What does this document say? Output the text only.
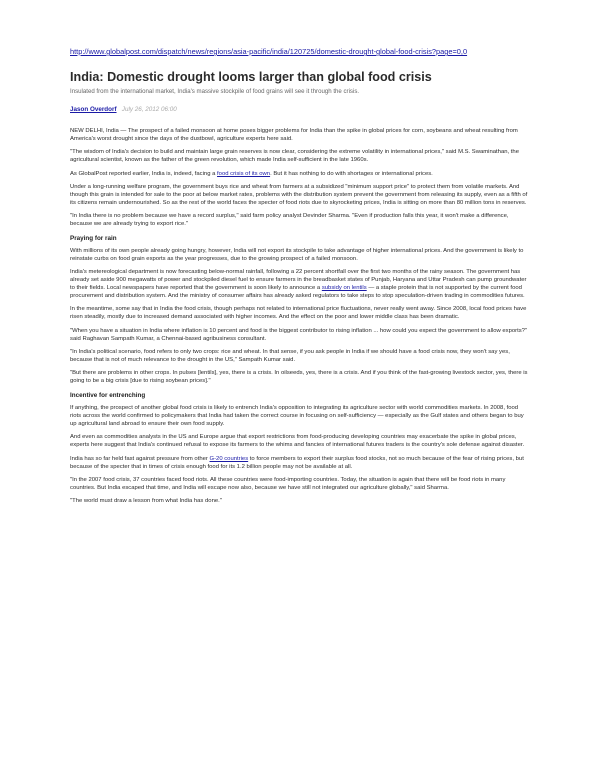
http://www.globalpost.com/dispatch/news/regions/asia-pacific/india/120725/domestic-drought-global-food-crisis?page=0,0
India: Domestic drought looms larger than global food crisis
Insulated from the international market, India's massive stockpile of food grains will see it through the crisis.
Jason Overdorf July 26, 2012 06:00

NEW DELHI, India — The prospect of a failed monsoon at home poses bigger problems for India than the spike in global prices for corn, soybeans and wheat resulting from America's worst drought since the days of the dustbowl, agriculture experts here said.

"The wisdom of India's decision to build and maintain large grain reserves is now clear, considering the extreme volatility in international prices," said M.S. Swaminathan, the agricultural scientist, known as the father of the green revolution, which made India self-sufficient in the late 1960s.

As GlobalPost reported earlier, India is, indeed, facing a food crisis of its own. But it has nothing to do with shortages or international prices.

Under a long-running welfare program, the government buys rice and wheat from farmers at a subsidized "minimum support price" to protect them from volatile markets. And though this grain is intended for sale to the poor at below market rates, problems with the distribution system prevent the government from releasing its supply, even as a fifth of its citizens remain undernourished. So as the rest of the world faces the specter of food riots due to skyrocketing prices, India is sitting on more than 80 million tons in reserves.

"In India there is no problem because we have a record surplus," said farm policy analyst Devinder Sharma. "Even if production falls this year, it won't make a difference, because we are already trying to export rice."

Praying for rain

With millions of its own people already going hungry, however, India will not export its stockpile to take advantage of higher international prices. And the government is likely to reinstate curbs on food grain exports as the year progresses, due to the growing prospect of a failed monsoon.

India's metereological department is now forecasting below-normal rainfall, following a 22 percent shortfall over the first two months of the rainy season. The government has already set aside 900 megawatts of power and stockpiled diesel fuel to ensure farmers in the breadbasket states of Punjab, Haryana and Uttar Pradesh can pump groundwater to their fields. Local newspapers have reported that the government is soon likely to announce a subsidy on lentils — a staple protein that is not supported by the current food procurement and distribution system. And the ministry of consumer affairs has already asked regulators to take steps to stop speculation-driven trading in commodities futures.

In the meantime, some say that in India the food crisis, though perhaps not related to international price fluctuations, never really went away. Since 2008, local food prices have risen steadily, mostly due to increased demand associated with higher incomes. And the effect on the poor and lower middle class has been dramatic.

"When you have a situation in India where inflation is 10 percent and food is the biggest contributor to rising inflation ... how could you expect the government to allow exports?" said Raghavan Sampath Kumar, a Chennai-based agribusiness consultant.

"In India's political scenario, food refers to only two crops: rice and wheat. In that sense, if you ask people in India if we should have a food crisis now, they won't say yes, because that is not of much relevance to the drought in the US," Sampath Kumar said.

"But there are problems in other crops. In pulses [lentils], yes, there is a crisis. In oilseeds, yes, there is a crisis. And if you think of the fast-growing livestock sector, yes, there is going to be a big crisis [due to rising soybean prices]."

Incentive for entrenching

If anything, the prospect of another global food crisis is likely to entrench India's opposition to integrating its agriculture sector with world commodities markets. In 2008, food riots across the world confirmed to policymakers that India had taken the correct course in focusing on self-sufficiency — especially as the Gulf states and others began to buy up agricultural land abroad to ensure their own food supply.

And even as commodities analysts in the US and Europe argue that export restrictions from food-producing developing countries may exacerbate the spike in global prices, experts here suggest that India's continued refusal to expose its farmers to the whims and fancies of international futures traders is the country's sole defense against disaster.

India has so far held fast against pressure from other G-20 countries to force members to export their surplus food stocks, not so much because of the fear of rising prices, but because of the specter that in times of crisis enough food for its 1.2 billion people may not be available at all.

"In the 2007 food crisis, 37 countries faced food riots. All these countries were food-importing countries. Today, the situation is again that there will be food riots in many countries. But India escaped that time, and India will escape now also, because we have still not integrated our agriculture globally," said Sharma.

"The world must draw a lesson from what India has done."
